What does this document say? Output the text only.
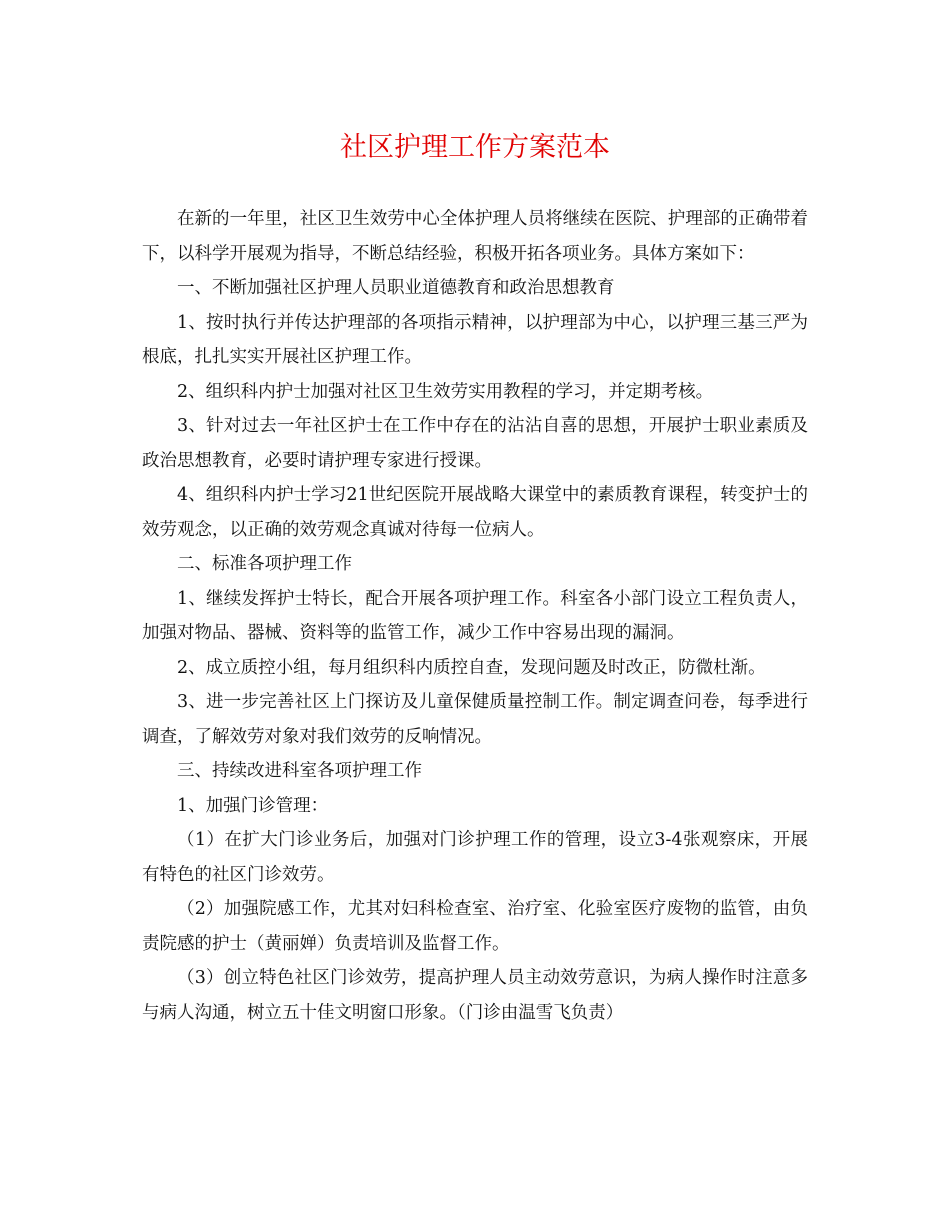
社区护理工作方案范本

在新的一年里，社区卫生效劳中心全体护理人员将继续在医院、护理部的正确带着下，以科学开展观为指导，不断总结经验，积极开拓各项业务。具体方案如下：

一、不断加强社区护理人员职业道德教育和政治思想教育

1、按时执行并传达护理部的各项指示精神，以护理部为中心，以护理三基三严为根底，扎扎实实开展社区护理工作。

2、组织科内护士加强对社区卫生效劳实用教程的学习，并定期考核。

3、针对过去一年社区护士在工作中存在的沾沾自喜的思想，开展护士职业素质及政治思想教育，必要时请护理专家进行授课。

4、组织科内护士学习21世纪医院开展战略大课堂中的素质教育课程，转变护士的效劳观念，以正确的效劳观念真诚对待每一位病人。

二、标准各项护理工作

1、继续发挥护士特长，配合开展各项护理工作。科室各小部门设立工程负责人，加强对物品、器械、资料等的监管工作，减少工作中容易出现的漏洞。

2、成立质控小组，每月组织科内质控自查，发现问题及时改正，防微杜渐。

3、进一步完善社区上门探访及儿童保健质量控制工作。制定调查问卷，每季进行调查，了解效劳对象对我们效劳的反响情况。

三、持续改进科室各项护理工作

1、加强门诊管理：

（1）在扩大门诊业务后，加强对门诊护理工作的管理，设立3-4张观察床，开展有特色的社区门诊效劳。

（2）加强院感工作，尤其对妇科检查室、治疗室、化验室医疗废物的监管，由负责院感的护士（黄丽婵）负责培训及监督工作。

（3）创立特色社区门诊效劳，提高护理人员主动效劳意识，为病人操作时注意多与病人沟通，树立五十佳文明窗口形象。（门诊由温雪飞负责）
